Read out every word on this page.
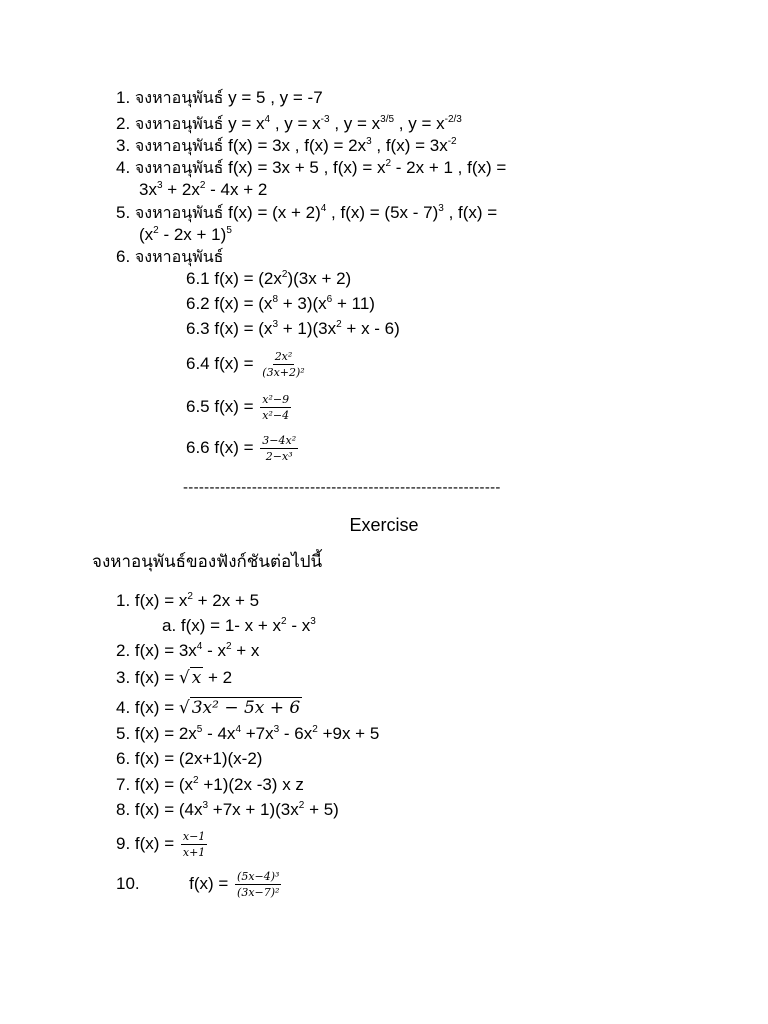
1. จงหาอนุพันธ์ y = 5 , y = -7
2. จงหาอนุพันธ์ $y = x^4$ , $y = x^{-3}$ , $y = x^{3/5}$ , $y = x^{-2/3}$
3. จงหาอนุพันธ์ f(x) = 3x , $f(x) = 2x^3$ , $f(x) = 3x^{-2}$
4. จงหาอนุพันธ์ f(x) = 3x + 5 , $f(x) = x^2 - 2x + 1$ , f(x) =
$3x^3 + 2x^2 - 4x + 2$
5. จงหาอนุพันธ์ $f(x) = (x + 2)^4$ , f(x) = (5x - 7)$^3$ , f(x) =
$(x^2 - 2x + 1)^5$
6. จงหาอนุพันธ์
6.1 $f(x) = (2x^2)(3x + 2)$
6.2 $f(x) = (x^8 + 3)(x^6 + 11)$
6.3 $f(x) = (x^3 + 1)(3x^2 + x - 6)$
6.4 $f(x) = \frac{\text{2x²}}{\text{(3x+2)²}}$
6.5 $f(x) = \frac{\text{x²−9}}{\text{x²−4}}$
6.6 $f(x) = \frac{\text{3−4x²}}{\text{2−x³}}$
------------------------------------------------------------
Exercise
จงหาอนุพันธ์ของฟังก์ชันต่อไปนี้
1. $f(x) = x^2 + 2x + 5$
a. f(x) = 1- $x + x^2 - x^3$
2. $f(x) = 3x^4 - x^2 + x$
3. f(x) = √ x + 2
4. f(x) = √ 3x² − 5x + 6
5. $f(x) = 2x^5 - 4x^4 +7x^3 - 6x^2 +9x + 5$
6. f(x) = (2x+1)(x-2)
7. $f(x) = (x^2 +1)(2x$ -3) x z
8. $f(x) = (4x^3 +7x + 1)(3x^2 + 5)$
9. $f(x) = \frac{x-1}{x+1}$
10.	$f(x) = \frac{\text{(5x−4)³}}{\text{(3x−7)²}}$
